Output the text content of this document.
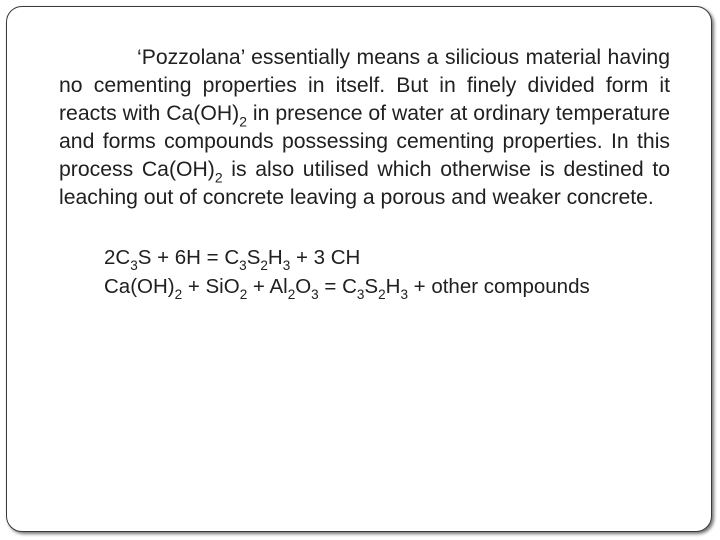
‘Pozzolana’ essentially means a silicious material having no cementing properties in itself. But in finely divided form it reacts with $Ca(OH)_2$ in presence of water at ordinary temperature and forms compounds possessing cementing properties. In this process $Ca(OH)_2$ is also utilised which otherwise is destined to leaching out of concrete leaving a porous and weaker concrete.

$2C_3S + 6H = C_3S_2H_3 + 3$ CH
$Ca(OH)_2 + SiO_2 + Al_2O_3 = C_3S_2H_3$ + other compounds
